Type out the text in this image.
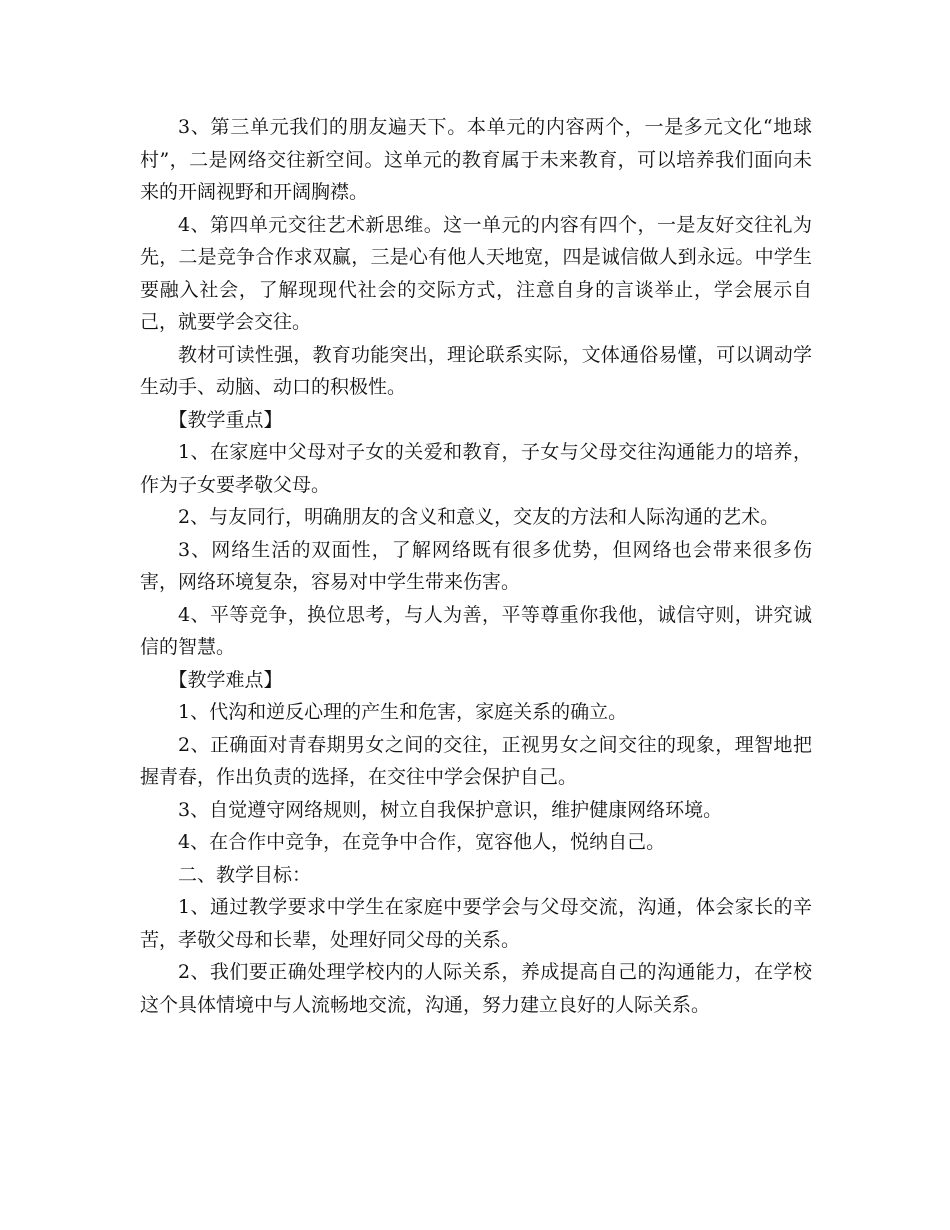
3、第三单元我们的朋友遍天下。本单元的内容两个，一是多元文化“地球村”，二是网络交往新空间。这单元的教育属于未来教育，可以培养我们面向未来的开阔视野和开阔胸襟。

4、第四单元交往艺术新思维。这一单元的内容有四个，一是友好交往礼为先，二是竞争合作求双赢，三是心有他人天地宽，四是诚信做人到永远。中学生要融入社会，了解现现代社会的交际方式，注意自身的言谈举止，学会展示自己，就要学会交往。

教材可读性强，教育功能突出，理论联系实际，文体通俗易懂，可以调动学生动手、动脑、动口的积极性。

【教学重点】

1、在家庭中父母对子女的关爱和教育，子女与父母交往沟通能力的培养，作为子女要孝敬父母。

2、与友同行，明确朋友的含义和意义，交友的方法和人际沟通的艺术。

3、网络生活的双面性，了解网络既有很多优势，但网络也会带来很多伤害，网络环境复杂，容易对中学生带来伤害。

4、平等竞争，换位思考，与人为善，平等尊重你我他，诚信守则，讲究诚信的智慧。

【教学难点】

1、代沟和逆反心理的产生和危害，家庭关系的确立。

2、正确面对青春期男女之间的交往，正视男女之间交往的现象，理智地把握青春，作出负责的选择，在交往中学会保护自己。

3、自觉遵守网络规则，树立自我保护意识，维护健康网络环境。

4、在合作中竞争，在竞争中合作，宽容他人，悦纳自己。

二、教学目标：

1、通过教学要求中学生在家庭中要学会与父母交流，沟通，体会家长的辛苦，孝敬父母和长辈，处理好同父母的关系。

2、我们要正确处理学校内的人际关系，养成提高自己的沟通能力，在学校这个具体情境中与人流畅地交流，沟通，努力建立良好的人际关系。
